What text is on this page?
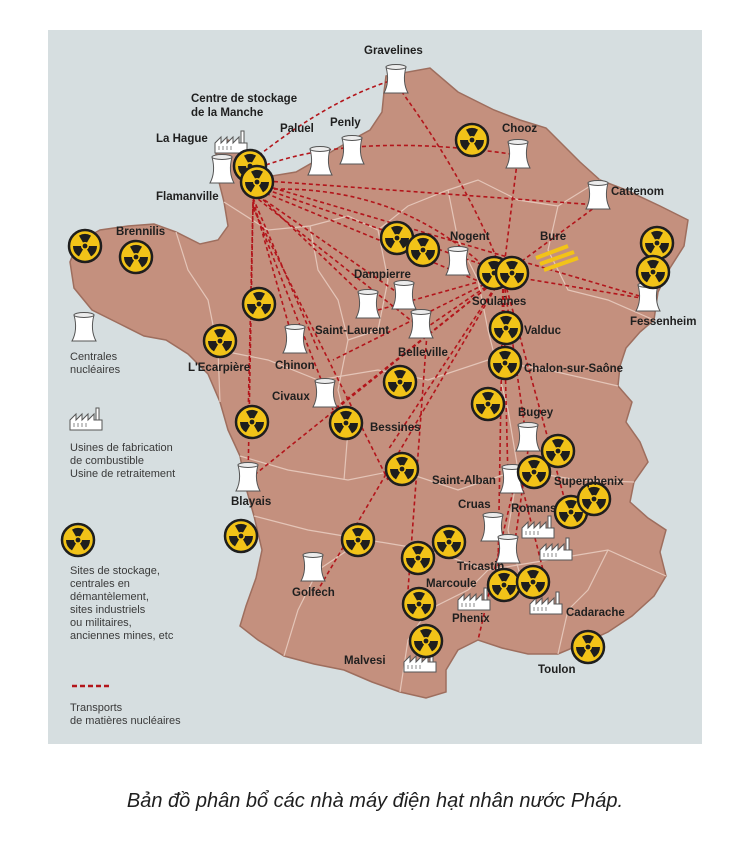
Gravelines
Centre de stockage
de la Manche
La Hague
Paluel Penly	Chooz
Flamanville	Cattenom
Brennilis	Nogent	Bure
Dampierre
Soulaines
Fessenheim
Saint-Laurent	Valduc
Belleville
L'Ecarpière Chinon	Chalon-sur-Saône
Civaux
Bugey
Bessines
Saint-Alban	Superphenix
Blayais	Cruas Romans
Tricastin
Marcoule
Golfech
Cadarache
Phenix
Malvesi
Toulon
Centrales
nucléaires
Usines de fabrication
de combustible
Usine de retraitement
Sites de stockage,
centrales en
démantèlement,
sites industriels
ou militaires,
anciennes mines, etc
Transports
de matières nucléaires
Bản đồ phân bổ các nhà máy điện hạt nhân nước Pháp.
